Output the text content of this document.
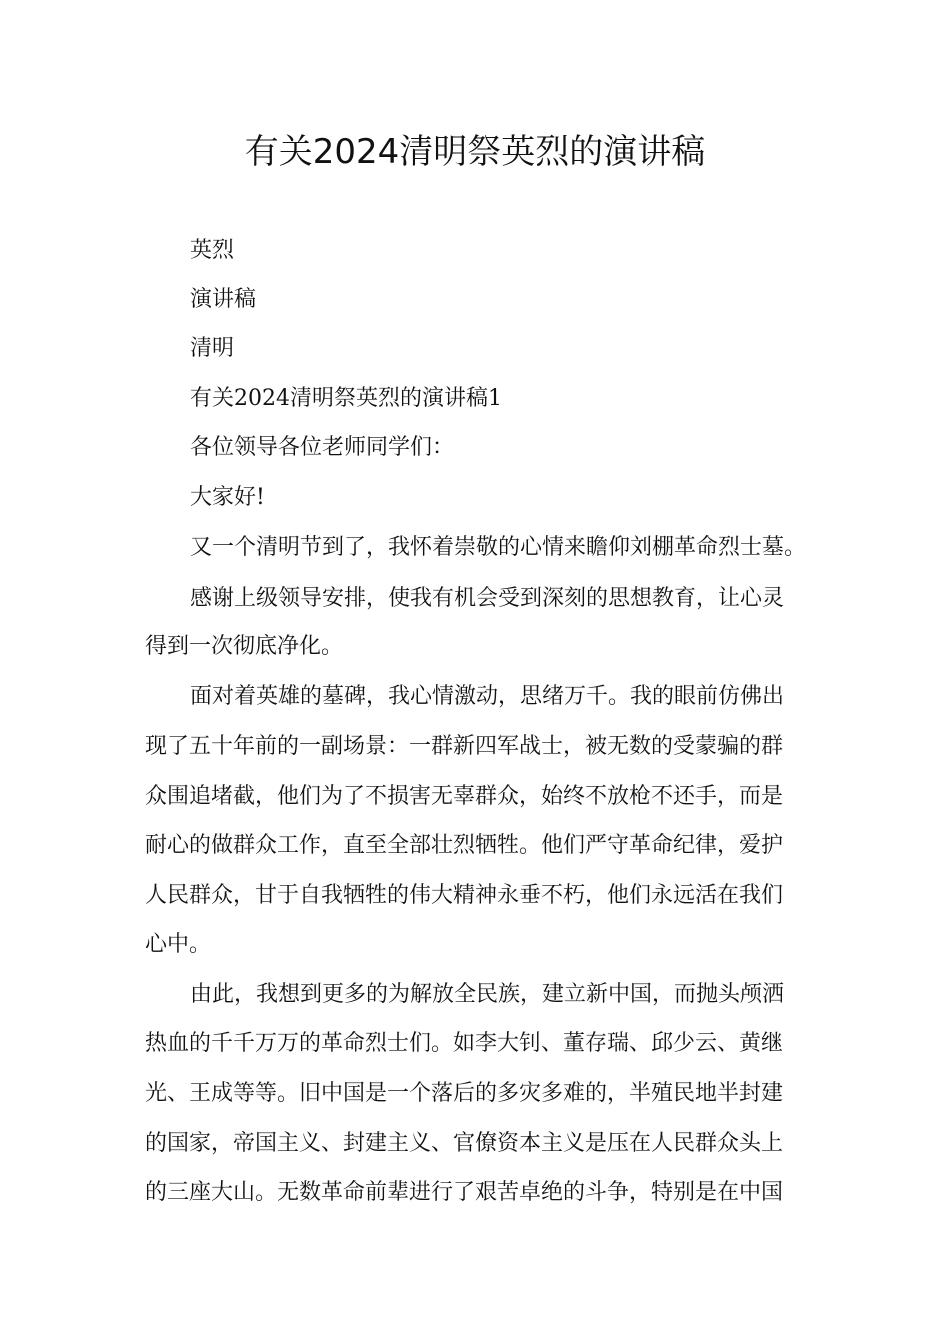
有关2024清明祭英烈的演讲稿
英烈
演讲稿
清明
有关2024清明祭英烈的演讲稿1
各位领导各位老师同学们：
大家好!
又一个清明节到了，我怀着崇敬的心情来瞻仰刘棚革命烈士墓。
感谢上级领导安排，使我有机会受到深刻的思想教育，让心灵
得到一次彻底净化。
面对着英雄的墓碑，我心情激动，思绪万千。我的眼前仿佛出
现了五十年前的一副场景：一群新四军战士，被无数的受蒙骗的群
众围追堵截，他们为了不损害无辜群众，始终不放枪不还手，而是
耐心的做群众工作，直至全部壮烈牺牲。他们严守革命纪律，爱护
人民群众，甘于自我牺牲的伟大精神永垂不朽，他们永远活在我们
心中。
由此，我想到更多的为解放全民族，建立新中国，而抛头颅洒
热血的千千万万的革命烈士们。如李大钊、董存瑞、邱少云、黄继
光、王成等等。旧中国是一个落后的多灾多难的，半殖民地半封建
的国家，帝国主义、封建主义、官僚资本主义是压在人民群众头上
的三座大山。无数革命前辈进行了艰苦卓绝的斗争，特别是在中国
